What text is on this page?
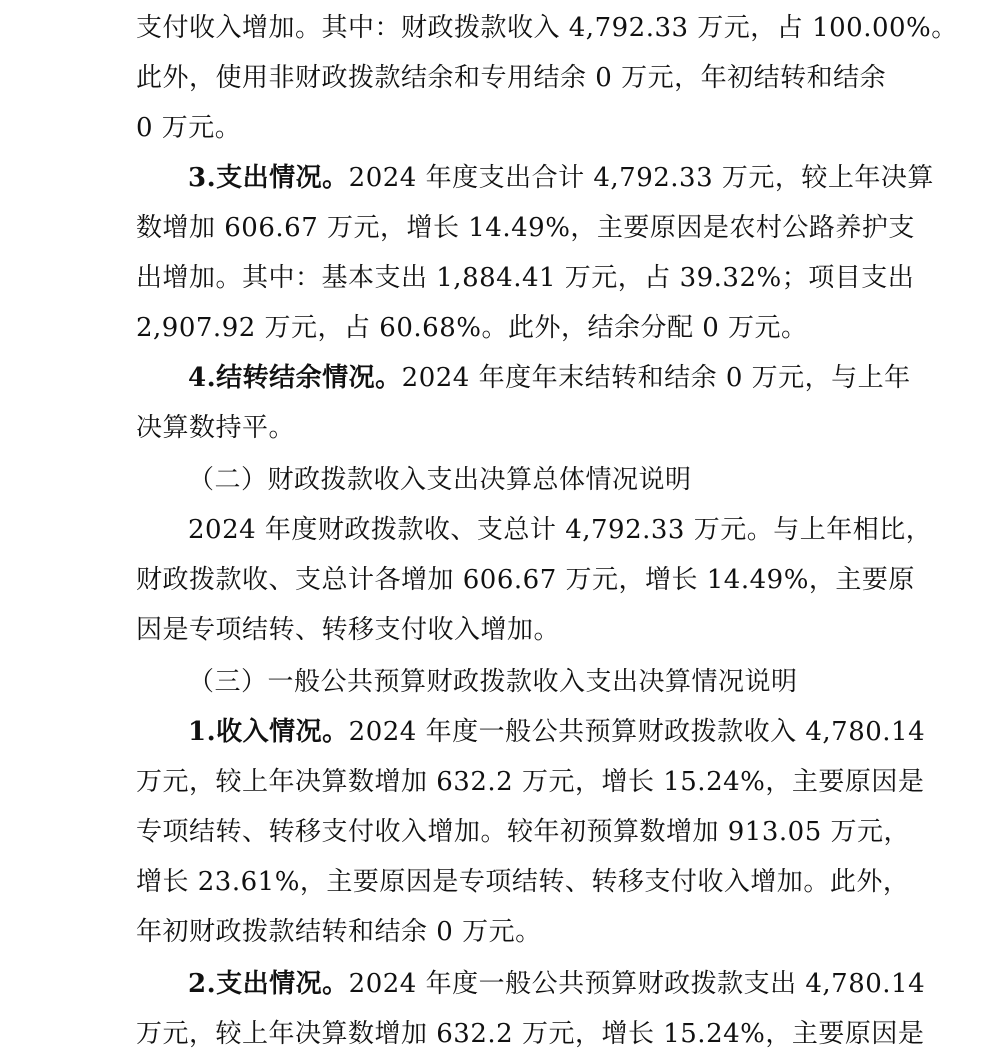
支付收入增加。其中：财政拨款收入 4,792.33 万元，占 100.00%。
此外，使用非财政拨款结余和专用结余 0 万元，年初结转和结余
0 万元。
3.支出情况。2024 年度支出合计 4,792.33 万元，较上年决算
数增加 606.67 万元，增长 14.49%，主要原因是农村公路养护支
出增加。其中：基本支出 1,884.41 万元，占 39.32%；项目支出
2,907.92 万元，占 60.68%。此外，结余分配 0 万元。
4.结转结余情况。2024 年度年末结转和结余 0 万元，与上年
决算数持平。
（二）财政拨款收入支出决算总体情况说明
2024 年度财政拨款收、支总计 4,792.33 万元。与上年相比，
财政拨款收、支总计各增加 606.67 万元，增长 14.49%，主要原
因是专项结转、转移支付收入增加。
（三）一般公共预算财政拨款收入支出决算情况说明
1.收入情况。2024 年度一般公共预算财政拨款收入 4,780.14
万元，较上年决算数增加 632.2 万元，增长 15.24%，主要原因是
专项结转、转移支付收入增加。较年初预算数增加 913.05 万元，
增长 23.61%，主要原因是专项结转、转移支付收入增加。此外，
年初财政拨款结转和结余 0 万元。
2.支出情况。2024 年度一般公共预算财政拨款支出 4,780.14
万元，较上年决算数增加 632.2 万元，增长 15.24%，主要原因是
